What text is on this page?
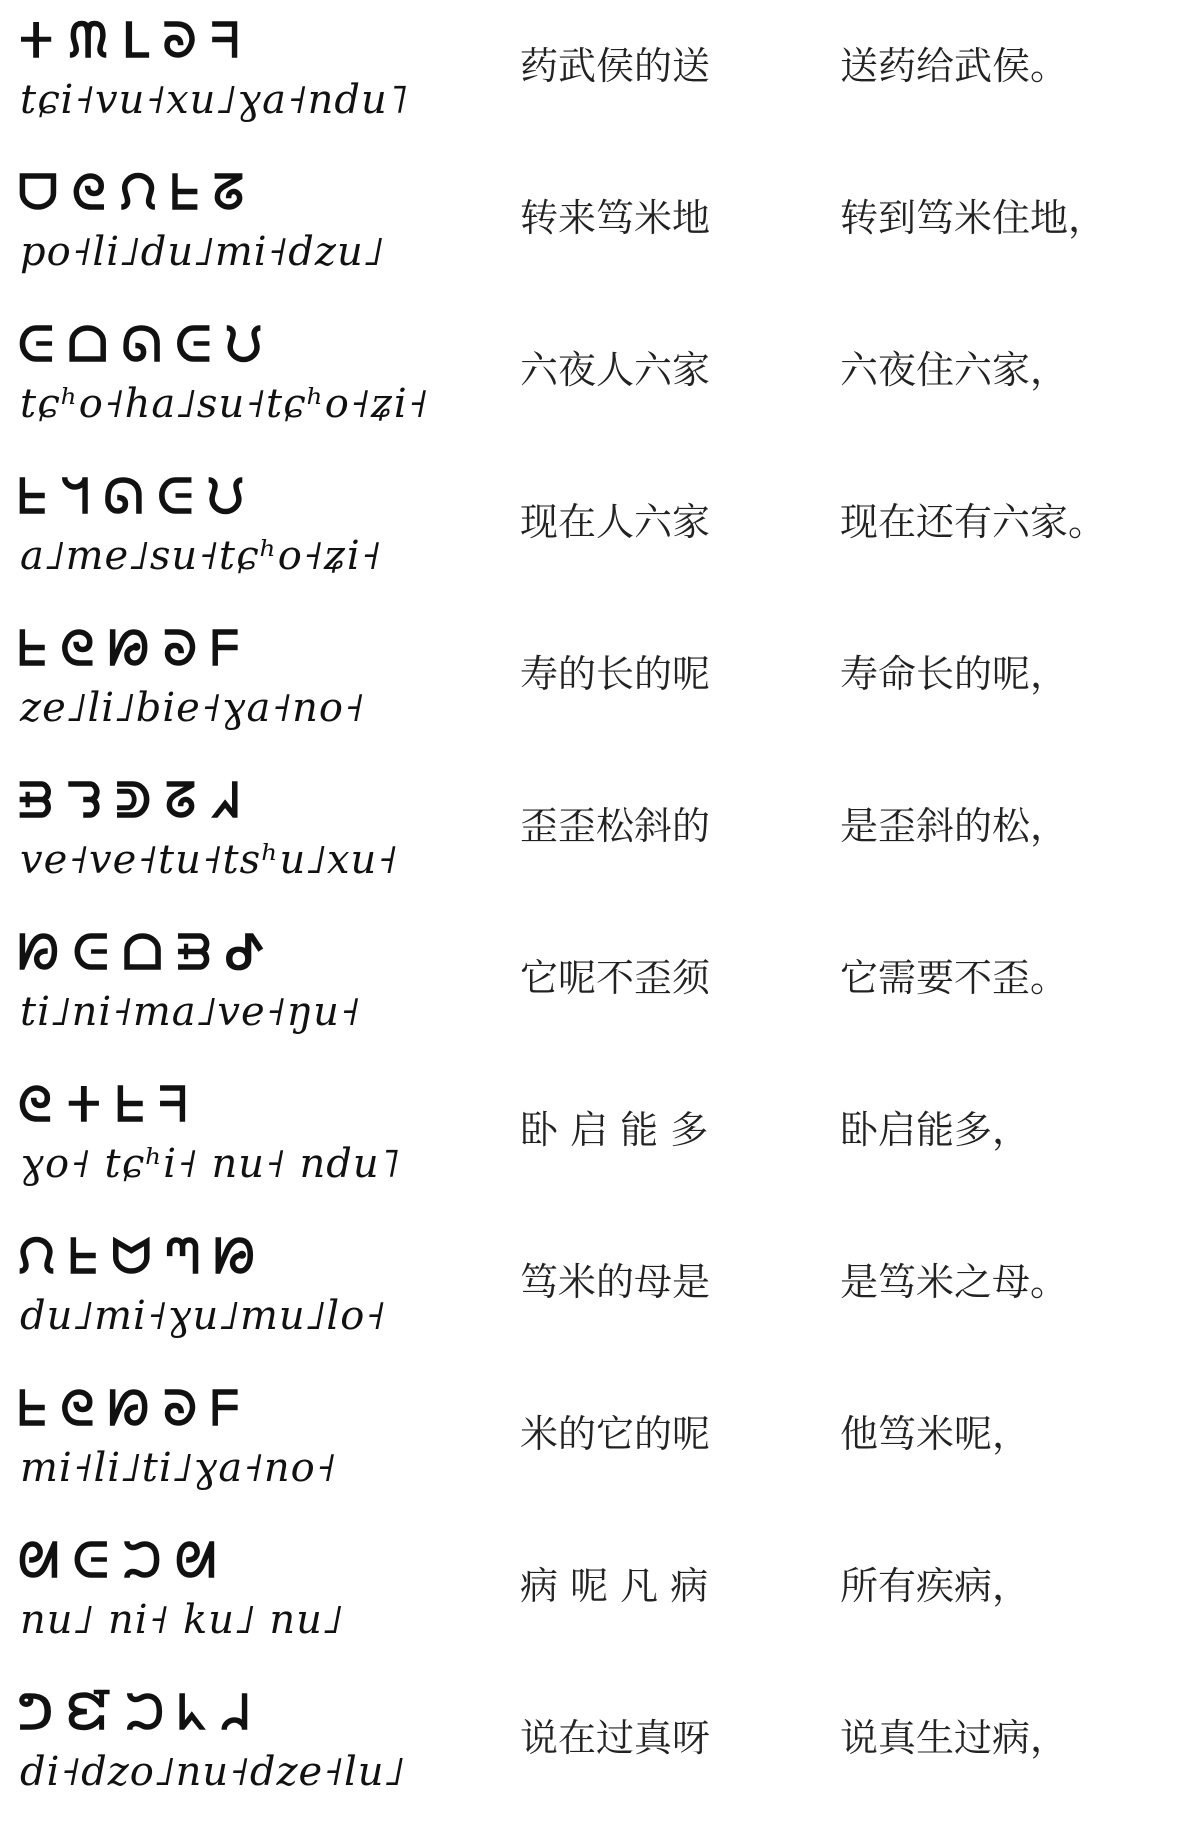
𑀓 ᙏ ᒪ ᘐ ᖷ
tɕi˧vu˧xu˩ɣa˧ndu˥
药武侯的送	送药给武侯。
ᗜ ᘓ ᙁ ᖶ ᘔ
po˧li˩du˩mi˧dzu˩
转来笃米地	转到笃米住地，
ᕮ ᗝ ᘏ ᕮ ᙀ
tɕʰo˧ha˩su˧tɕʰo˧ʑi˧
六夜人六家	六夜住六家，
ᖶ ᖻ ᘏ ᕮ ᙀ
a˩me˩su˧tɕʰo˧ʑi˧
现在人六家	现在还有六家。
ᖶ ᘓ ᘙ ᘐ ᖴ
ze˩li˩bie˧ɣa˧no˧
寿的长的呢	寿命长的呢，
ᗲ ᘊ ᕲ ᘔ ᖽ
ve˧ve˧tu˧tsʰu˩xu˧
歪歪松斜的	是歪斜的松，
ᘗ ᕮ ᗝ ᗲ ᕷ
ti˩ni˧ma˩ve˧ŋu˧
它呢不歪须	它需要不歪。
ᘓ 𑀓 ᖶ ᖷ
ɣo˧ tɕʰi˧ nu˧ ndu˥
卧 启 能 多	卧启能多，
ᙁ ᖶ ᗢ ᘉ ᘙ
du˩mi˧ɣu˩mu˩lo˧
笃米的母是	是笃米之母。
ᖶ ᘓ ᘗ ᘐ ᖴ
mi˧li˩ti˩ɣa˧no˧
米的它的呢	他笃米呢，
ᘛ ᕮ ᙂ ᘛ
nu˩ ni˧ ku˩ nu˩
病 呢 凡 病	所有疾病，
ᕤ ᘿ ᙂ ᖾ ᖹ
di˧dzo˩nu˧dze˧lu˩
说在过真呀	说真生过病，
